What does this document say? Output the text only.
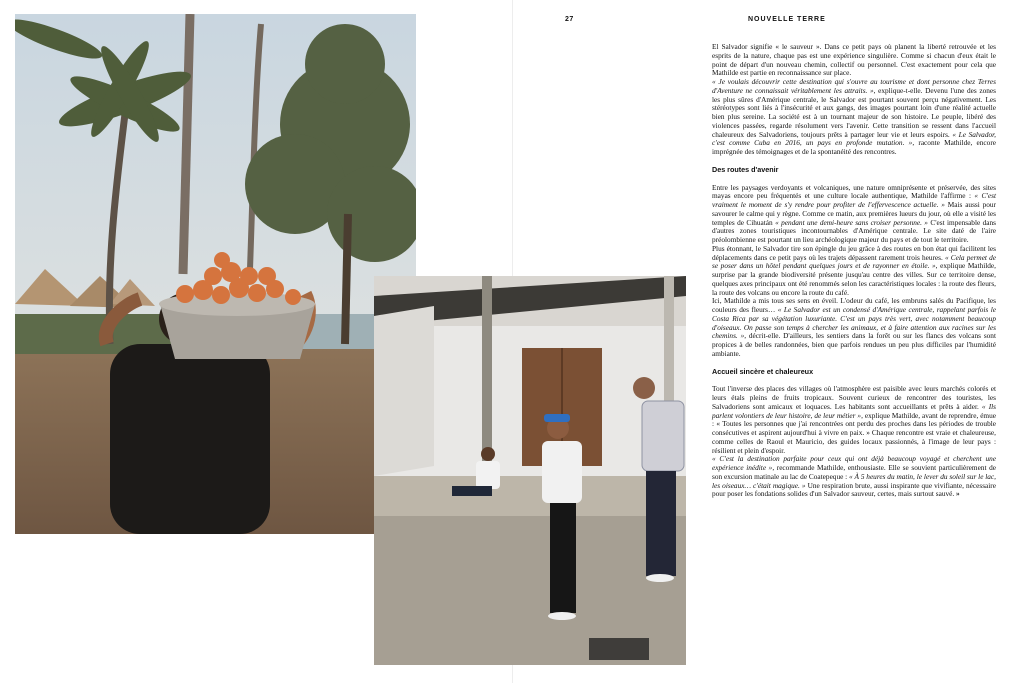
27	NOUVELLE TERRE

El Salvador signifie « le sauveur ». Dans ce petit pays où planent la liberté retrouvée et les esprits de la nature, chaque pas est une expérience singulière. Comme si chacun d'eux était le point de départ d'un nouveau chemin, collectif ou personnel. C'est exactement pour cela que Mathilde est partie en reconnaissance sur place.

« Je voulais découvrir cette destination qui s'ouvre au tourisme et dont personne chez Terres d'Aventure ne connaissait véritablement les attraits. », explique-t-elle. Devenu l'une des zones les plus sûres d'Amérique centrale, le Salvador est pourtant souvent perçu négativement. Les stéréotypes sont liés à l'insécurité et aux gangs, des images pourtant loin d'une réalité actuelle bien plus sereine. La société est à un tournant majeur de son histoire. Le peuple, libéré des violences passées, regarde résolument vers l'avenir. Cette transition se ressent dans l'accueil chaleureux des Salvadoriens, toujours prêts à partager leur vie et leurs espoirs. « Le Salvador, c'est comme Cuba en 2016, un pays en profonde mutation. », raconte Mathilde, encore imprégnée des témoignages et de la spontanéité des rencontres.

Des routes d'avenir

Entre les paysages verdoyants et volcaniques, une nature omniprésente et préservée, des sites mayas encore peu fréquentés et une culture locale authentique, Mathilde l'affirme : « C'est vraiment le moment de s'y rendre pour profiter de l'effervescence actuelle. » Mais aussi pour savourer le calme qui y règne. Comme ce matin, aux premières lueurs du jour, où elle a visité les temples de Cihuatán « pendant une demi-heure sans croiser personne. » C'est impensable dans d'autres zones touristiques incontournables d'Amérique centrale. Le site daté de l'aire préolombienne est pourtant un lieu archéologique majeur du pays et de tout le territoire.

Plus étonnant, le Salvador tire son épingle du jeu grâce à des routes en bon état qui facilitent les déplacements dans ce petit pays où les trajets dépassent rarement trois heures. « Cela permet de se poser dans un hôtel pendant quelques jours et de rayonner en étoile. », explique Mathilde, surprise par la grande biodiversité présente jusqu'au centre des villes. Sur ce territoire dense, quelques axes principaux ont été renommés selon les caractéristiques locales : la route des fleurs, la route des volcans ou encore la route du café.

Ici, Mathilde a mis tous ses sens en éveil. L'odeur du café, les embruns salés du Pacifique, les couleurs des fleurs… « Le Salvador est un condensé d'Amérique centrale, rappelant parfois le Costa Rica par sa végétation luxuriante. C'est un pays très vert, avec notamment beaucoup d'oiseaux. On passe son temps à chercher les animaux, et à faire attention aux racines sur les chemins. », décrit-elle. D'ailleurs, les sentiers dans la forêt ou sur les flancs des volcans sont propices à de belles randonnées, bien que parfois rendues un peu plus difficiles par l'humidité ambiante.

Accueil sincère et chaleureux

Tout l'inverse des places des villages où l'atmosphère est paisible avec leurs marchés colorés et leurs étals pleins de fruits tropicaux. Souvent curieux de rencontrer des touristes, les Salvadoriens sont amicaux et loquaces. Les habitants sont accueillants et prêts à aider. « Ils parlent volontiers de leur histoire, de leur métier », explique Mathilde, avant de reprendre, émue : « Toutes les personnes que j'ai rencontrées ont perdu des proches dans les périodes de trouble consécutives et aspirent aujourd'hui à vivre en paix. » Chaque rencontre est vraie et chaleureuse, comme celles de Raoul et Mauricio, des guides locaux passionnés, à l'image de leur pays : résilient et plein d'espoir.

« C'est la destination parfaite pour ceux qui ont déjà beaucoup voyagé et cherchent une expérience inédite », recommande Mathilde, enthousiaste. Elle se souvient particulièrement de son excursion matinale au lac de Coatepeque : « À 5 heures du matin, le lever du soleil sur le lac, les oiseaux… c'était magique. » Une respiration brute, aussi inspirante que vivifiante, nécessaire pour poser les fondations solides d'un Salvador sauveur, certes, mais surtout sauvé. »
